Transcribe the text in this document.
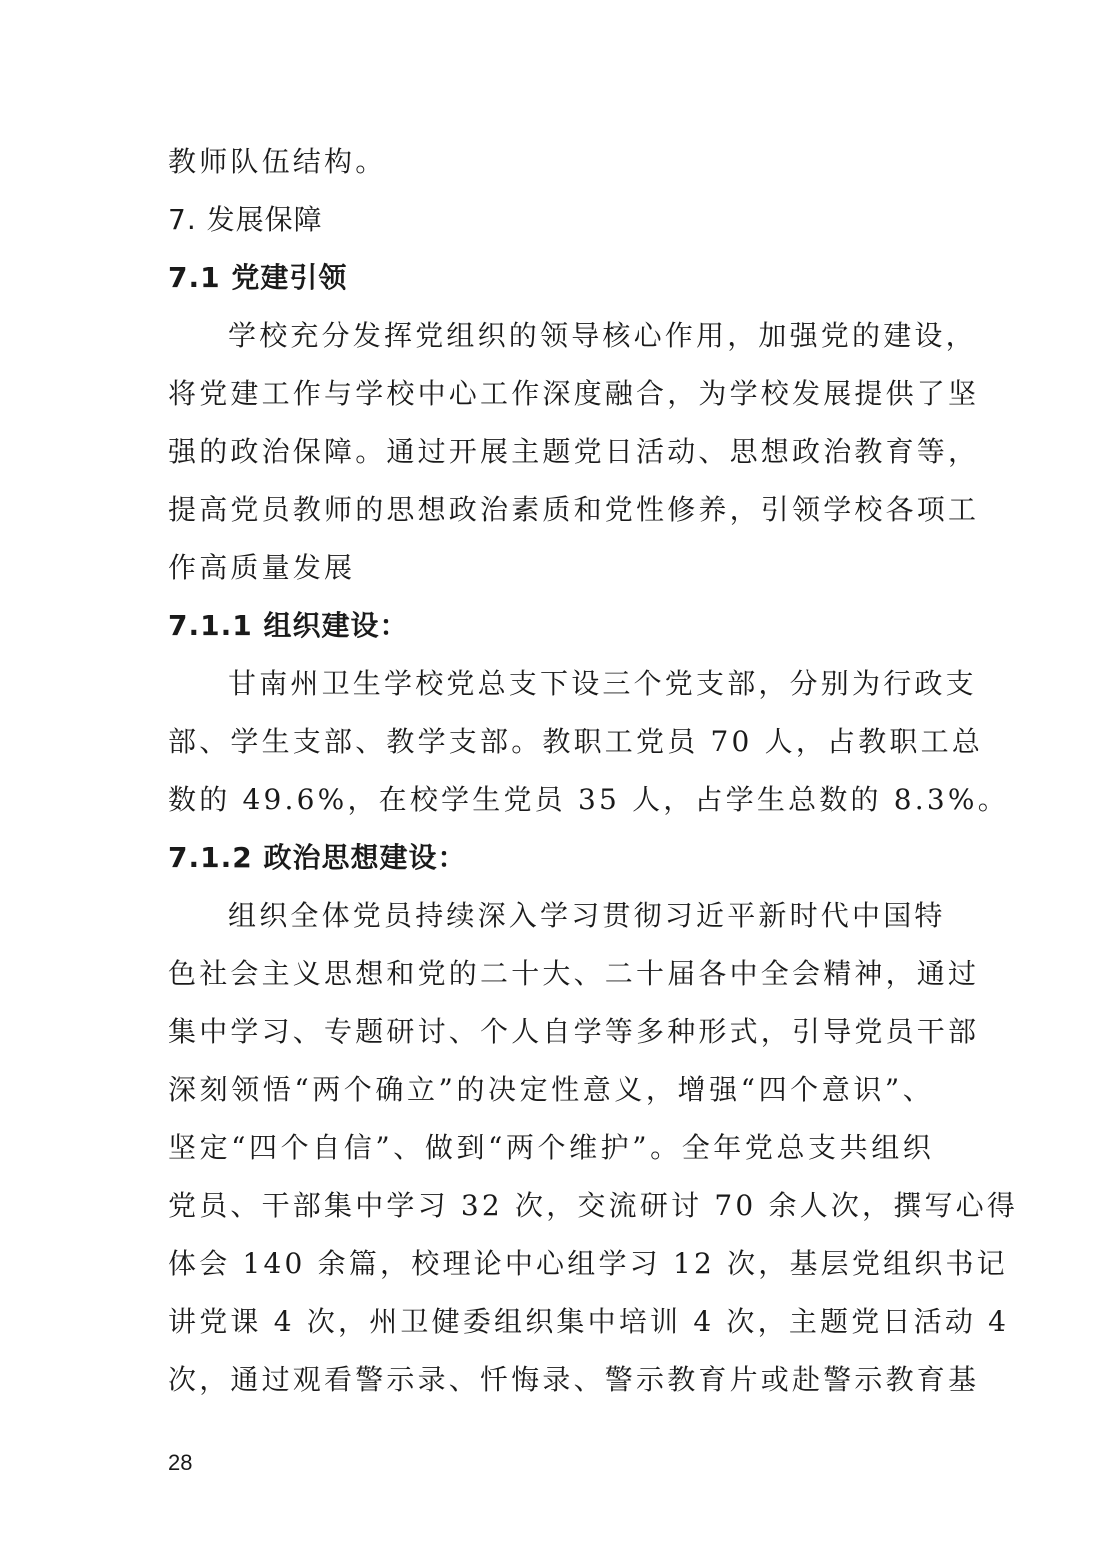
教师队伍结构。
7. 发展保障
7.1 党建引领
学校充分发挥党组织的领导核心作用，加强党的建设，
将党建工作与学校中心工作深度融合，为学校发展提供了坚
强的政治保障。通过开展主题党日活动、思想政治教育等，
提高党员教师的思想政治素质和党性修养，引领学校各项工
作高质量发展
7.1.1 组织建设：
甘南州卫生学校党总支下设三个党支部，分别为行政支
部、学生支部、教学支部。教职工党员 70 人，占教职工总
数的 49.6%，在校学生党员 35 人，占学生总数的 8.3%。
7.1.2 政治思想建设：
组织全体党员持续深入学习贯彻习近平新时代中国特
色社会主义思想和党的二十大、二十届各中全会精神，通过
集中学习、专题研讨、个人自学等多种形式，引导党员干部
深刻领悟“两个确立”的决定性意义，增强“四个意识”、
坚定“四个自信”、做到“两个维护”。全年党总支共组织
党员、干部集中学习 32 次，交流研讨 70 余人次，撰写心得
体会 140 余篇，校理论中心组学习 12 次，基层党组织书记
讲党课 4 次，州卫健委组织集中培训 4 次，主题党日活动 4
次，通过观看警示录、忏悔录、警示教育片或赴警示教育基
28
